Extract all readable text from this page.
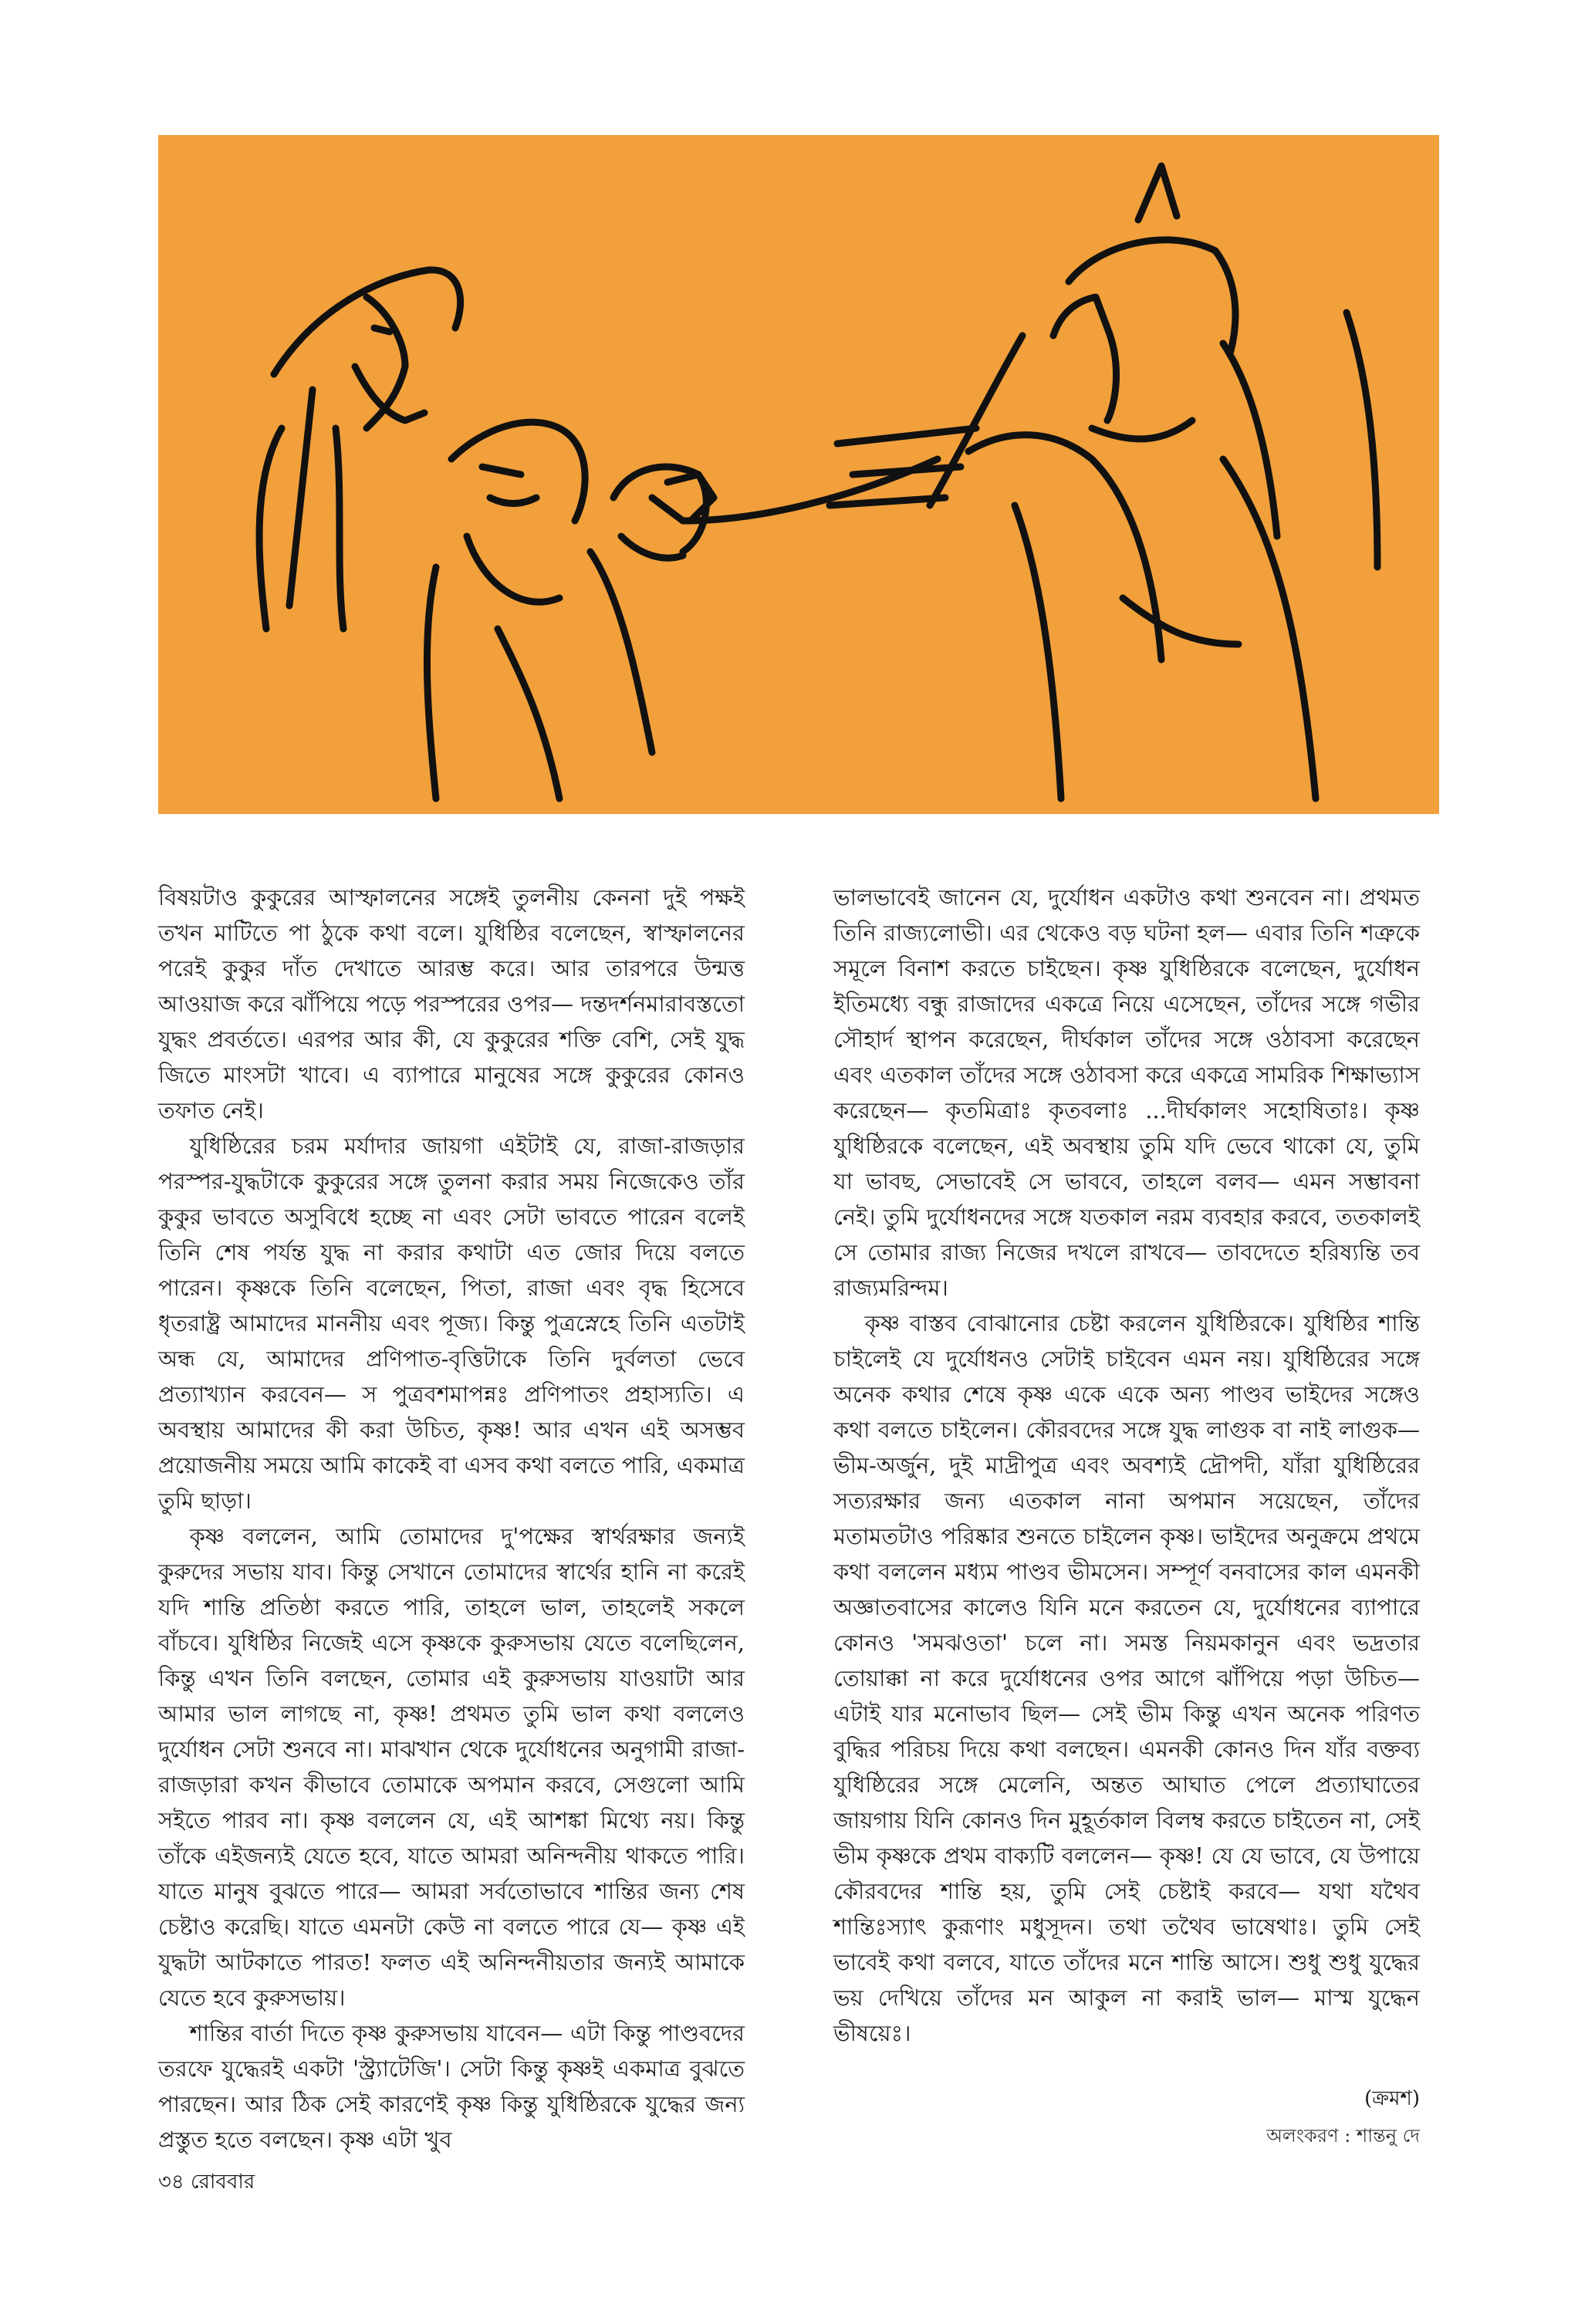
বিষয়টাও কুকুরের আস্ফালনের সঙ্গেই তুলনীয় কেননা দুই পক্ষই তখন মাটিতে পা ঠুকে কথা বলে। যুধিষ্ঠির বলেছেন, স্বাস্ফালনের পরেই কুকুর দাঁত দেখাতে আরম্ভ করে। আর তারপরে উন্মত্ত আওয়াজ করে ঝাঁপিয়ে পড়ে পরস্পরের ওপর— দন্তদর্শনমারাবস্ততো যুদ্ধং প্রবর্ততে। এরপর আর কী, যে কুকুরের শক্তি বেশি, সেই যুদ্ধ জিতে মাংসটা খাবে। এ ব্যাপারে মানুষের সঙ্গে কুকুরের কোনও তফাত নেই।

যুধিষ্ঠিরের চরম মর্যাদার জায়গা এইটাই যে, রাজা-রাজড়ার পরস্পর-যুদ্ধটাকে কুকুরের সঙ্গে তুলনা করার সময় নিজেকেও তাঁর কুকুর ভাবতে অসুবিধে হচ্ছে না এবং সেটা ভাবতে পারেন বলেই তিনি শেষ পর্যন্ত যুদ্ধ না করার কথাটা এত জোর দিয়ে বলতে পারেন। কৃষ্ণকে তিনি বলেছেন, পিতা, রাজা এবং বৃদ্ধ হিসেবে ধৃতরাষ্ট্র আমাদের মাননীয় এবং পূজ্য। কিন্তু পুত্রস্নেহে তিনি এতটাই অন্ধ যে, আমাদের প্রণিপাত-বৃত্তিটাকে তিনি দুর্বলতা ভেবে প্রত্যাখ্যান করবেন— স পুত্রবশমাপন্নঃ প্রণিপাতং প্রহাস্যতি। এ অবস্থায় আমাদের কী করা উচিত, কৃষ্ণ! আর এখন এই অসম্ভব প্রয়োজনীয় সময়ে আমি কাকেই বা এসব কথা বলতে পারি, একমাত্র তুমি ছাড়া।

কৃষ্ণ বললেন, আমি তোমাদের দু'পক্ষের স্বার্থরক্ষার জন্যই কুরুদের সভায় যাব। কিন্তু সেখানে তোমাদের স্বার্থের হানি না করেই যদি শান্তি প্রতিষ্ঠা করতে পারি, তাহলে ভাল, তাহলেই সকলে বাঁচবে। যুধিষ্ঠির নিজেই এসে কৃষ্ণকে কুরুসভায় যেতে বলেছিলেন, কিন্তু এখন তিনি বলছেন, তোমার এই কুরুসভায় যাওয়াটা আর আমার ভাল লাগছে না, কৃষ্ণ! প্রথমত তুমি ভাল কথা বললেও দুর্যোধন সেটা শুনবে না। মাঝখান থেকে দুর্যোধনের অনুগামী রাজা-রাজড়ারা কখন কীভাবে তোমাকে অপমান করবে, সেগুলো আমি সইতে পারব না। কৃষ্ণ বললেন যে, এই আশঙ্কা মিথ্যে নয়। কিন্তু তাঁকে এইজন্যই যেতে হবে, যাতে আমরা অনিন্দনীয় থাকতে পারি। যাতে মানুষ বুঝতে পারে— আমরা সর্বতোভাবে শান্তির জন্য শেষ চেষ্টাও করেছি। যাতে এমনটা কেউ না বলতে পারে যে— কৃষ্ণ এই যুদ্ধটা আটকাতে পারত! ফলত এই অনিন্দনীয়তার জন্যই আমাকে যেতে হবে কুরুসভায়।

শান্তির বার্তা দিতে কৃষ্ণ কুরুসভায় যাবেন— এটা কিন্তু পাণ্ডবদের তরফে যুদ্ধেরই একটা 'স্ট্র্যাটেজি'। সেটা কিন্তু কৃষ্ণই একমাত্র বুঝতে পারছেন। আর ঠিক সেই কারণেই কৃষ্ণ কিন্তু যুধিষ্ঠিরকে যুদ্ধের জন্য প্রস্তুত হতে বলছেন। কৃষ্ণ এটা খুব

ভালভাবেই জানেন যে, দুর্যোধন একটাও কথা শুনবেন না। প্রথমত তিনি রাজ্যলোভী। এর থেকেও বড় ঘটনা হল— এবার তিনি শত্রুকে সমূলে বিনাশ করতে চাইছেন। কৃষ্ণ যুধিষ্ঠিরকে বলেছেন, দুর্যোধন ইতিমধ্যে বন্ধু রাজাদের একত্রে নিয়ে এসেছেন, তাঁদের সঙ্গে গভীর সৌহার্দ স্থাপন করেছেন, দীর্ঘকাল তাঁদের সঙ্গে ওঠাবসা করেছেন এবং এতকাল তাঁদের সঙ্গে ওঠাবসা করে একত্রে সামরিক শিক্ষাভ্যাস করেছেন— কৃতমিত্রাঃ কৃতবলাঃ ...দীর্ঘকালং সহোষিতাঃ। কৃষ্ণ যুধিষ্ঠিরকে বলেছেন, এই অবস্থায় তুমি যদি ভেবে থাকো যে, তুমি যা ভাবছ, সেভাবেই সে ভাববে, তাহলে বলব— এমন সম্ভাবনা নেই। তুমি দুর্যোধনদের সঙ্গে যতকাল নরম ব্যবহার করবে, ততকালই সে তোমার রাজ্য নিজের দখলে রাখবে— তাবদেতে হরিষ্যন্তি তব রাজ্যমরিন্দম।

কৃষ্ণ বাস্তব বোঝানোর চেষ্টা করলেন যুধিষ্ঠিরকে। যুধিষ্ঠির শান্তি চাইলেই যে দুর্যোধনও সেটাই চাইবেন এমন নয়। যুধিষ্ঠিরের সঙ্গে অনেক কথার শেষে কৃষ্ণ একে একে অন্য পাণ্ডব ভাইদের সঙ্গেও কথা বলতে চাইলেন। কৌরবদের সঙ্গে যুদ্ধ লাগুক বা নাই লাগুক— ভীম-অর্জুন, দুই মাদ্রীপুত্র এবং অবশ্যই দ্রৌপদী, যাঁরা যুধিষ্ঠিরের সত্যরক্ষার জন্য এতকাল নানা অপমান সয়েছেন, তাঁদের মতামতটাও পরিষ্কার শুনতে চাইলেন কৃষ্ণ। ভাইদের অনুক্রমে প্রথমে কথা বললেন মধ্যম পাণ্ডব ভীমসেন। সম্পূর্ণ বনবাসের কাল এমনকী অজ্ঞাতবাসের কালেও যিনি মনে করতেন যে, দুর্যোধনের ব্যাপারে কোনও 'সমঝওতা' চলে না। সমস্ত নিয়মকানুন এবং ভদ্রতার তোয়াক্কা না করে দুর্যোধনের ওপর আগে ঝাঁপিয়ে পড়া উচিত— এটাই যার মনোভাব ছিল— সেই ভীম কিন্তু এখন অনেক পরিণত বুদ্ধির পরিচয় দিয়ে কথা বলছেন। এমনকী কোনও দিন যাঁর বক্তব্য যুধিষ্ঠিরের সঙ্গে মেলেনি, অন্তত আঘাত পেলে প্রত্যাঘাতের জায়গায় যিনি কোনও দিন মুহূর্তকাল বিলম্ব করতে চাইতেন না, সেই ভীম কৃষ্ণকে প্রথম বাক্যটি বললেন— কৃষ্ণ! যে যে ভাবে, যে উপায়ে কৌরবদের শান্তি হয়, তুমি সেই চেষ্টাই করবে— যথা যথৈব শান্তিঃস্যাৎ কুরূণাং মধুসূদন। তথা তথৈব ভাষেথাঃ। তুমি সেই ভাবেই কথা বলবে, যাতে তাঁদের মনে শান্তি আসে। শুধু শুধু যুদ্ধের ভয় দেখিয়ে তাঁদের মন আকুল না করাই ভাল— মাস্ম যুদ্ধেন ভীষয়েঃ।

(ক্রমশ)
অলংকরণ : শান্তনু দে
৩৪ রোববার
